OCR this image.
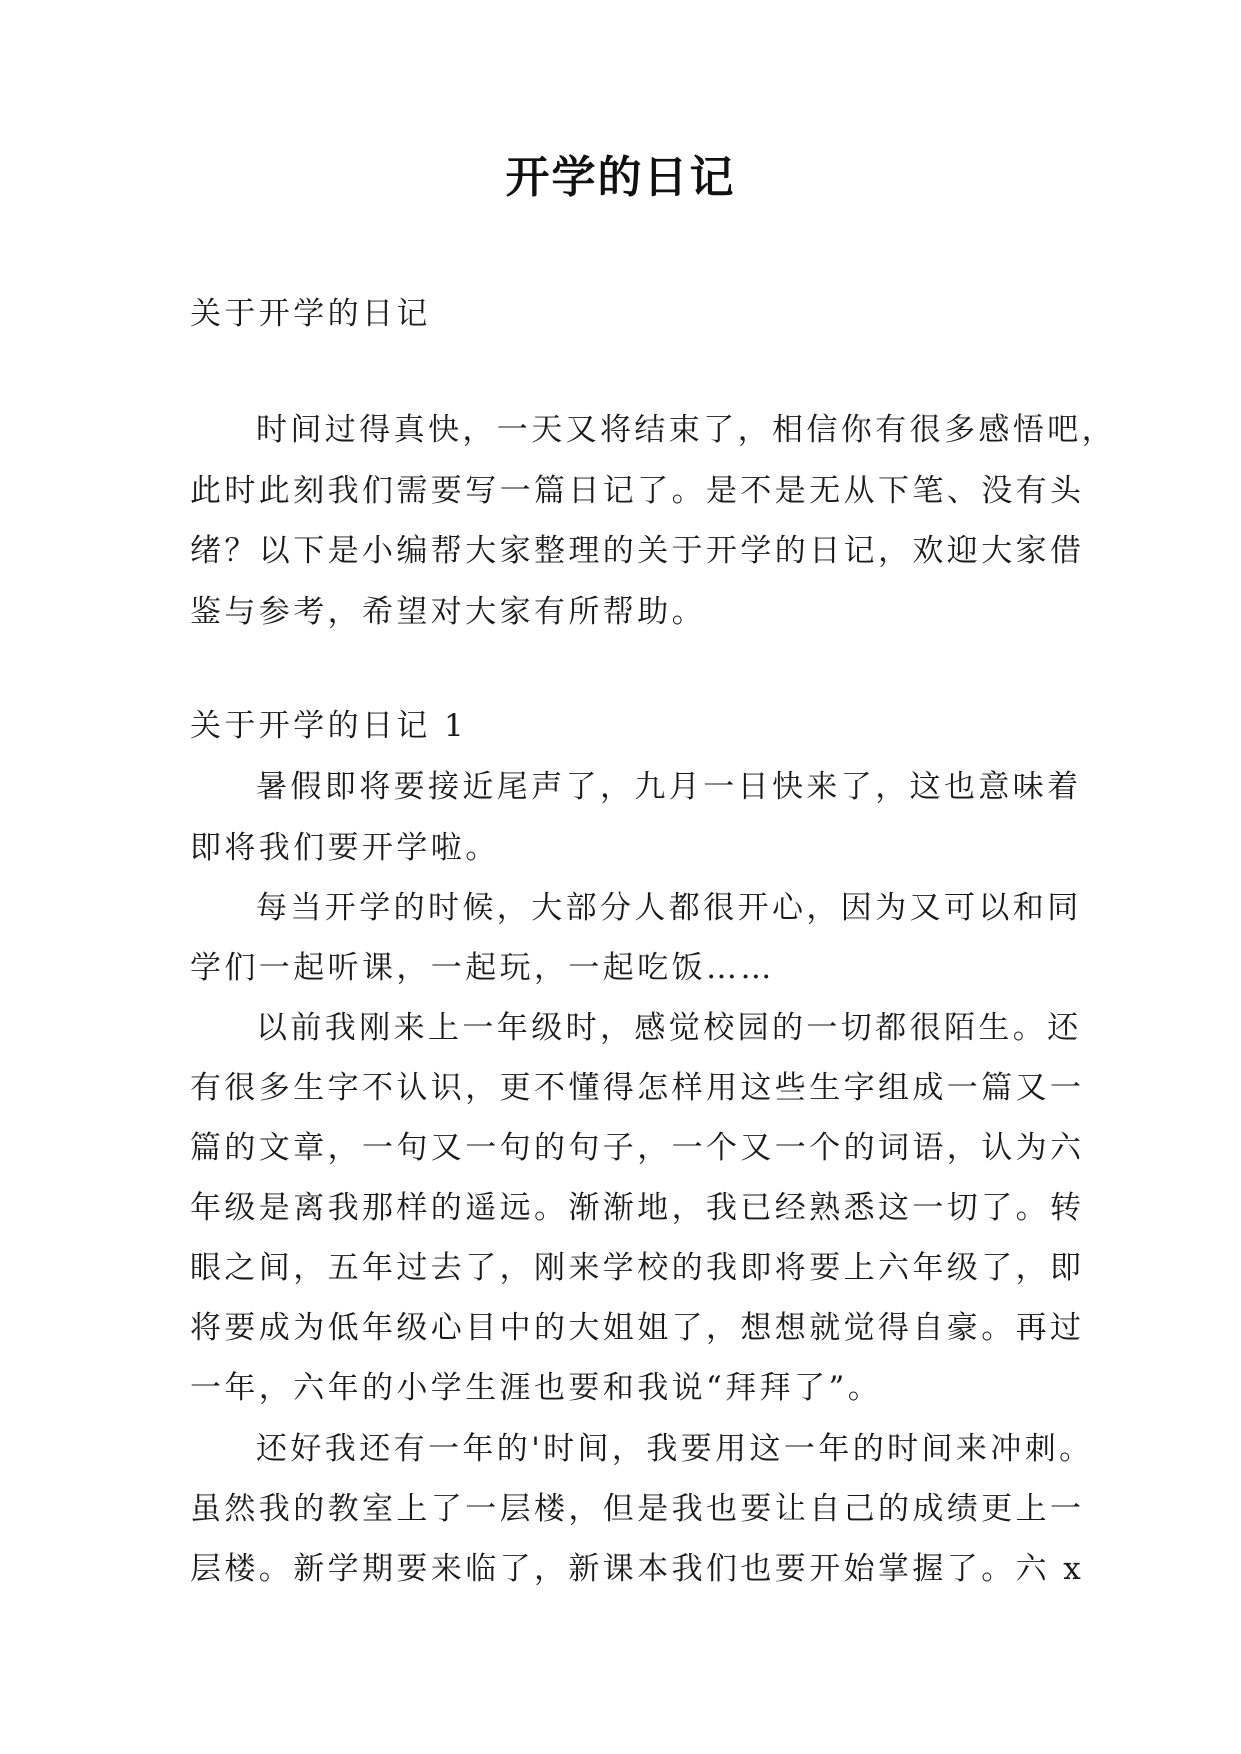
开学的日记
关于开学的日记
时间过得真快，一天又将结束了，相信你有很多感悟吧，
此时此刻我们需要写一篇日记了。是不是无从下笔、没有头
绪？以下是小编帮大家整理的关于开学的日记，欢迎大家借
鉴与参考，希望对大家有所帮助。
关于开学的日记 1
暑假即将要接近尾声了，九月一日快来了，这也意味着
即将我们要开学啦。
每当开学的时候，大部分人都很开心，因为又可以和同
学们一起听课，一起玩，一起吃饭……
以前我刚来上一年级时，感觉校园的一切都很陌生。还
有很多生字不认识，更不懂得怎样用这些生字组成一篇又一
篇的文章，一句又一句的句子，一个又一个的词语，认为六
年级是离我那样的遥远。渐渐地，我已经熟悉这一切了。转
眼之间，五年过去了，刚来学校的我即将要上六年级了，即
将要成为低年级心目中的大姐姐了，想想就觉得自豪。再过
一年，六年的小学生涯也要和我说“拜拜了”。
还好我还有一年的'时间，我要用这一年的时间来冲刺。
虽然我的教室上了一层楼，但是我也要让自己的成绩更上一
层楼。新学期要来临了，新课本我们也要开始掌握了。六 x
